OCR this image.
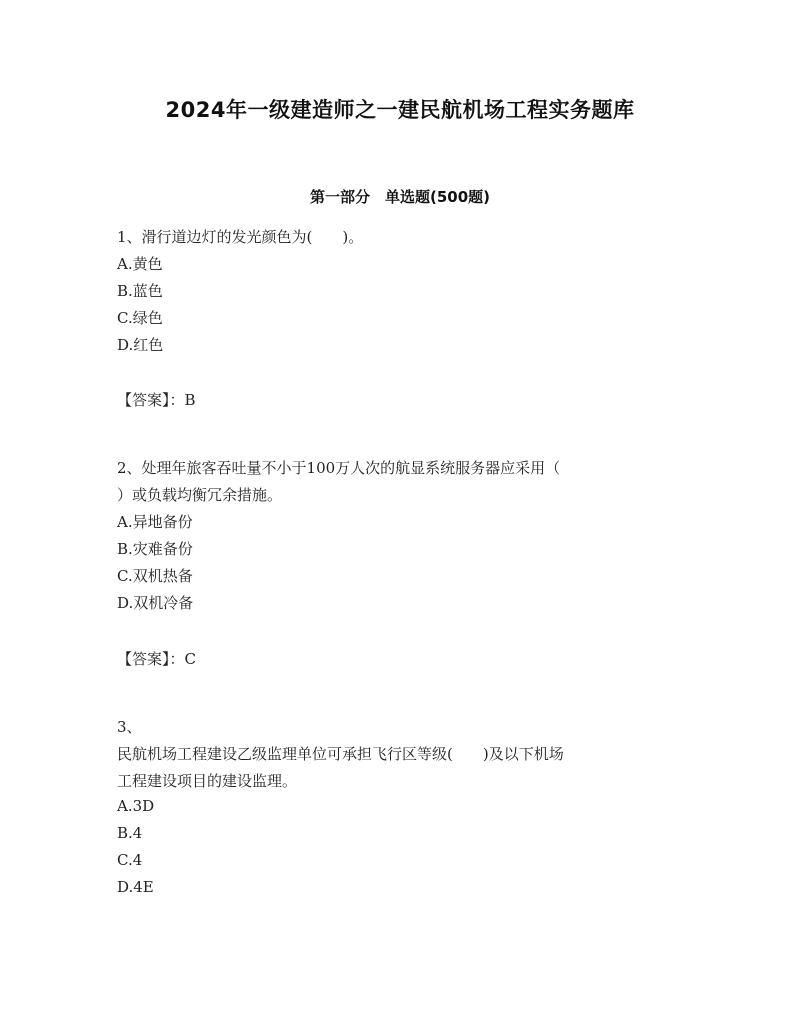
2024年一级建造师之一建民航机场工程实务题库
第一部分　单选题(500题)
1、滑行道边灯的发光颜色为(　　)。
A.黄色
B.蓝色
C.绿色
D.红色
【答案】：B
2、处理年旅客吞吐量不小于100万人次的航显系统服务器应采用（
）或负载均衡冗余措施。
A.异地备份
B.灾难备份
C.双机热备
D.双机冷备
【答案】：C
3、
民航机场工程建设乙级监理单位可承担飞行区等级(　　)及以下机场
工程建设项目的建设监理。
A.3D
B.4
C.4
D.4E
